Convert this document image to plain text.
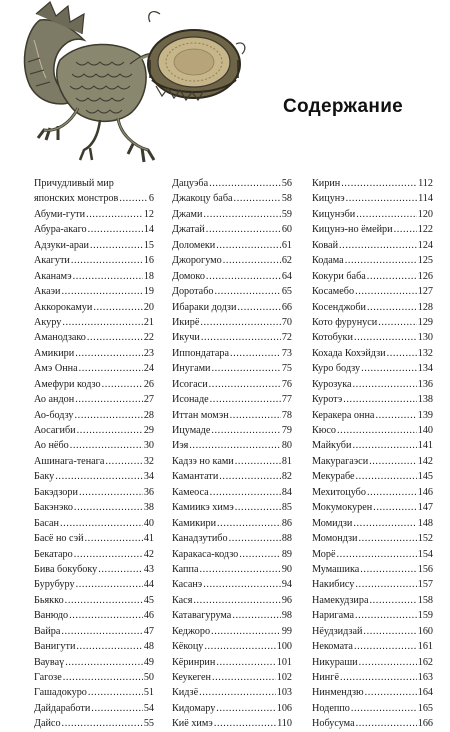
Содержание
Причудливый мир
японских монстров .....	6
Абуми-гути .....	12
Абура-акаго .....	14
Адзуки-араи .....	15
Акагути .....	16
Аканамэ .....	18
Акаэи .....	19
Аккорокамуи .....	20
Акуру .....	21
Аманодзако .....	22
Амикири .....	23
Амэ Онна .....	24
Амефури кодзо .....	26
Ао андон .....	27
Ао-бодзу .....	28
Аосагиби .....	29
Ао нёбо .....	30
Ашинага-тенага .....	32
Баку .....	34
Бакэдзори .....	36
Бакэнэко .....	38
Басан .....	40
Басё но сэй .....	41
Бекатаро .....	42
Бива бокубоку .....	43
Бурубуру .....	44
Бьякко .....	45
Ванюдо .....	46
Вайра .....	47
Ванигути .....	48
Вауваү .....	49
Гагозе .....	50
Гашадокуро .....	51
Дайдаработи .....	54
Дайсо .....	55
Дацуэба .....	56
Джакоцу баба .....	58
Джами .....	59
Джатай .....	60
Доломеки .....	61
Джорогумо .....	62
Домоко .....	64
Доротабо .....	65
Ибараки додзи .....	66
Икирё .....	70
Икучи .....	72
Иппондатара .....	73
Инугами .....	75
Исогаси .....	76
Исонаде .....	77
Иттан момэн .....	78
Ицумаде .....	79
Иэя .....	80
Кадзэ но ками .....	81
Камантати .....	82
Камеоса .....	84
Камиикэ химэ .....	85
Камикири .....	86
Канадзутибо .....	88
Каракаса-кодзо .....	89
Каппа .....	90
Касанэ .....	94
Кася .....	96
Катавагурума .....	98
Кеджоро .....	99
Кёкоцу .....	100
Кёринрин .....	101
Кеукеген .....	102
Кидзё .....	103
Кидомару .....	106
Киё химэ .....	110
Кирин .....	112
Кицунэ .....	114
Кицунэби .....	120
Кицунэ-но ёмейри ..... 122
Ковай .....	124
Кодама .....	125
Кокури баба .....	126
Косамебо .....	127
Косенджоби .....	128
Кото фурунуси .....	129
Котобуки .....	130
Кохада Кохэйдзи .....	132
Куро бодзу .....	134
Курозука .....	136
Куротэ .....	138
Керакера онна .....	139
Кюсо .....	140
Майкуби .....	141
Макурагаэси .....	142
Мекурабе .....	145
Мехитоцубо .....	146
Мокумокурен .....	147
Момидзи .....	148
Момондзи .....	152
Морё .....	154
Мумашика .....	156
Накибису .....	157
Намекудзира .....	158
Наригама .....	159
Нёудзидзай .....	160
Некомата .....	161
Никураши .....	162
Нингё .....	163
Нинмендзю .....	164
Нодеппо .....	165
Нобусума .....	166
